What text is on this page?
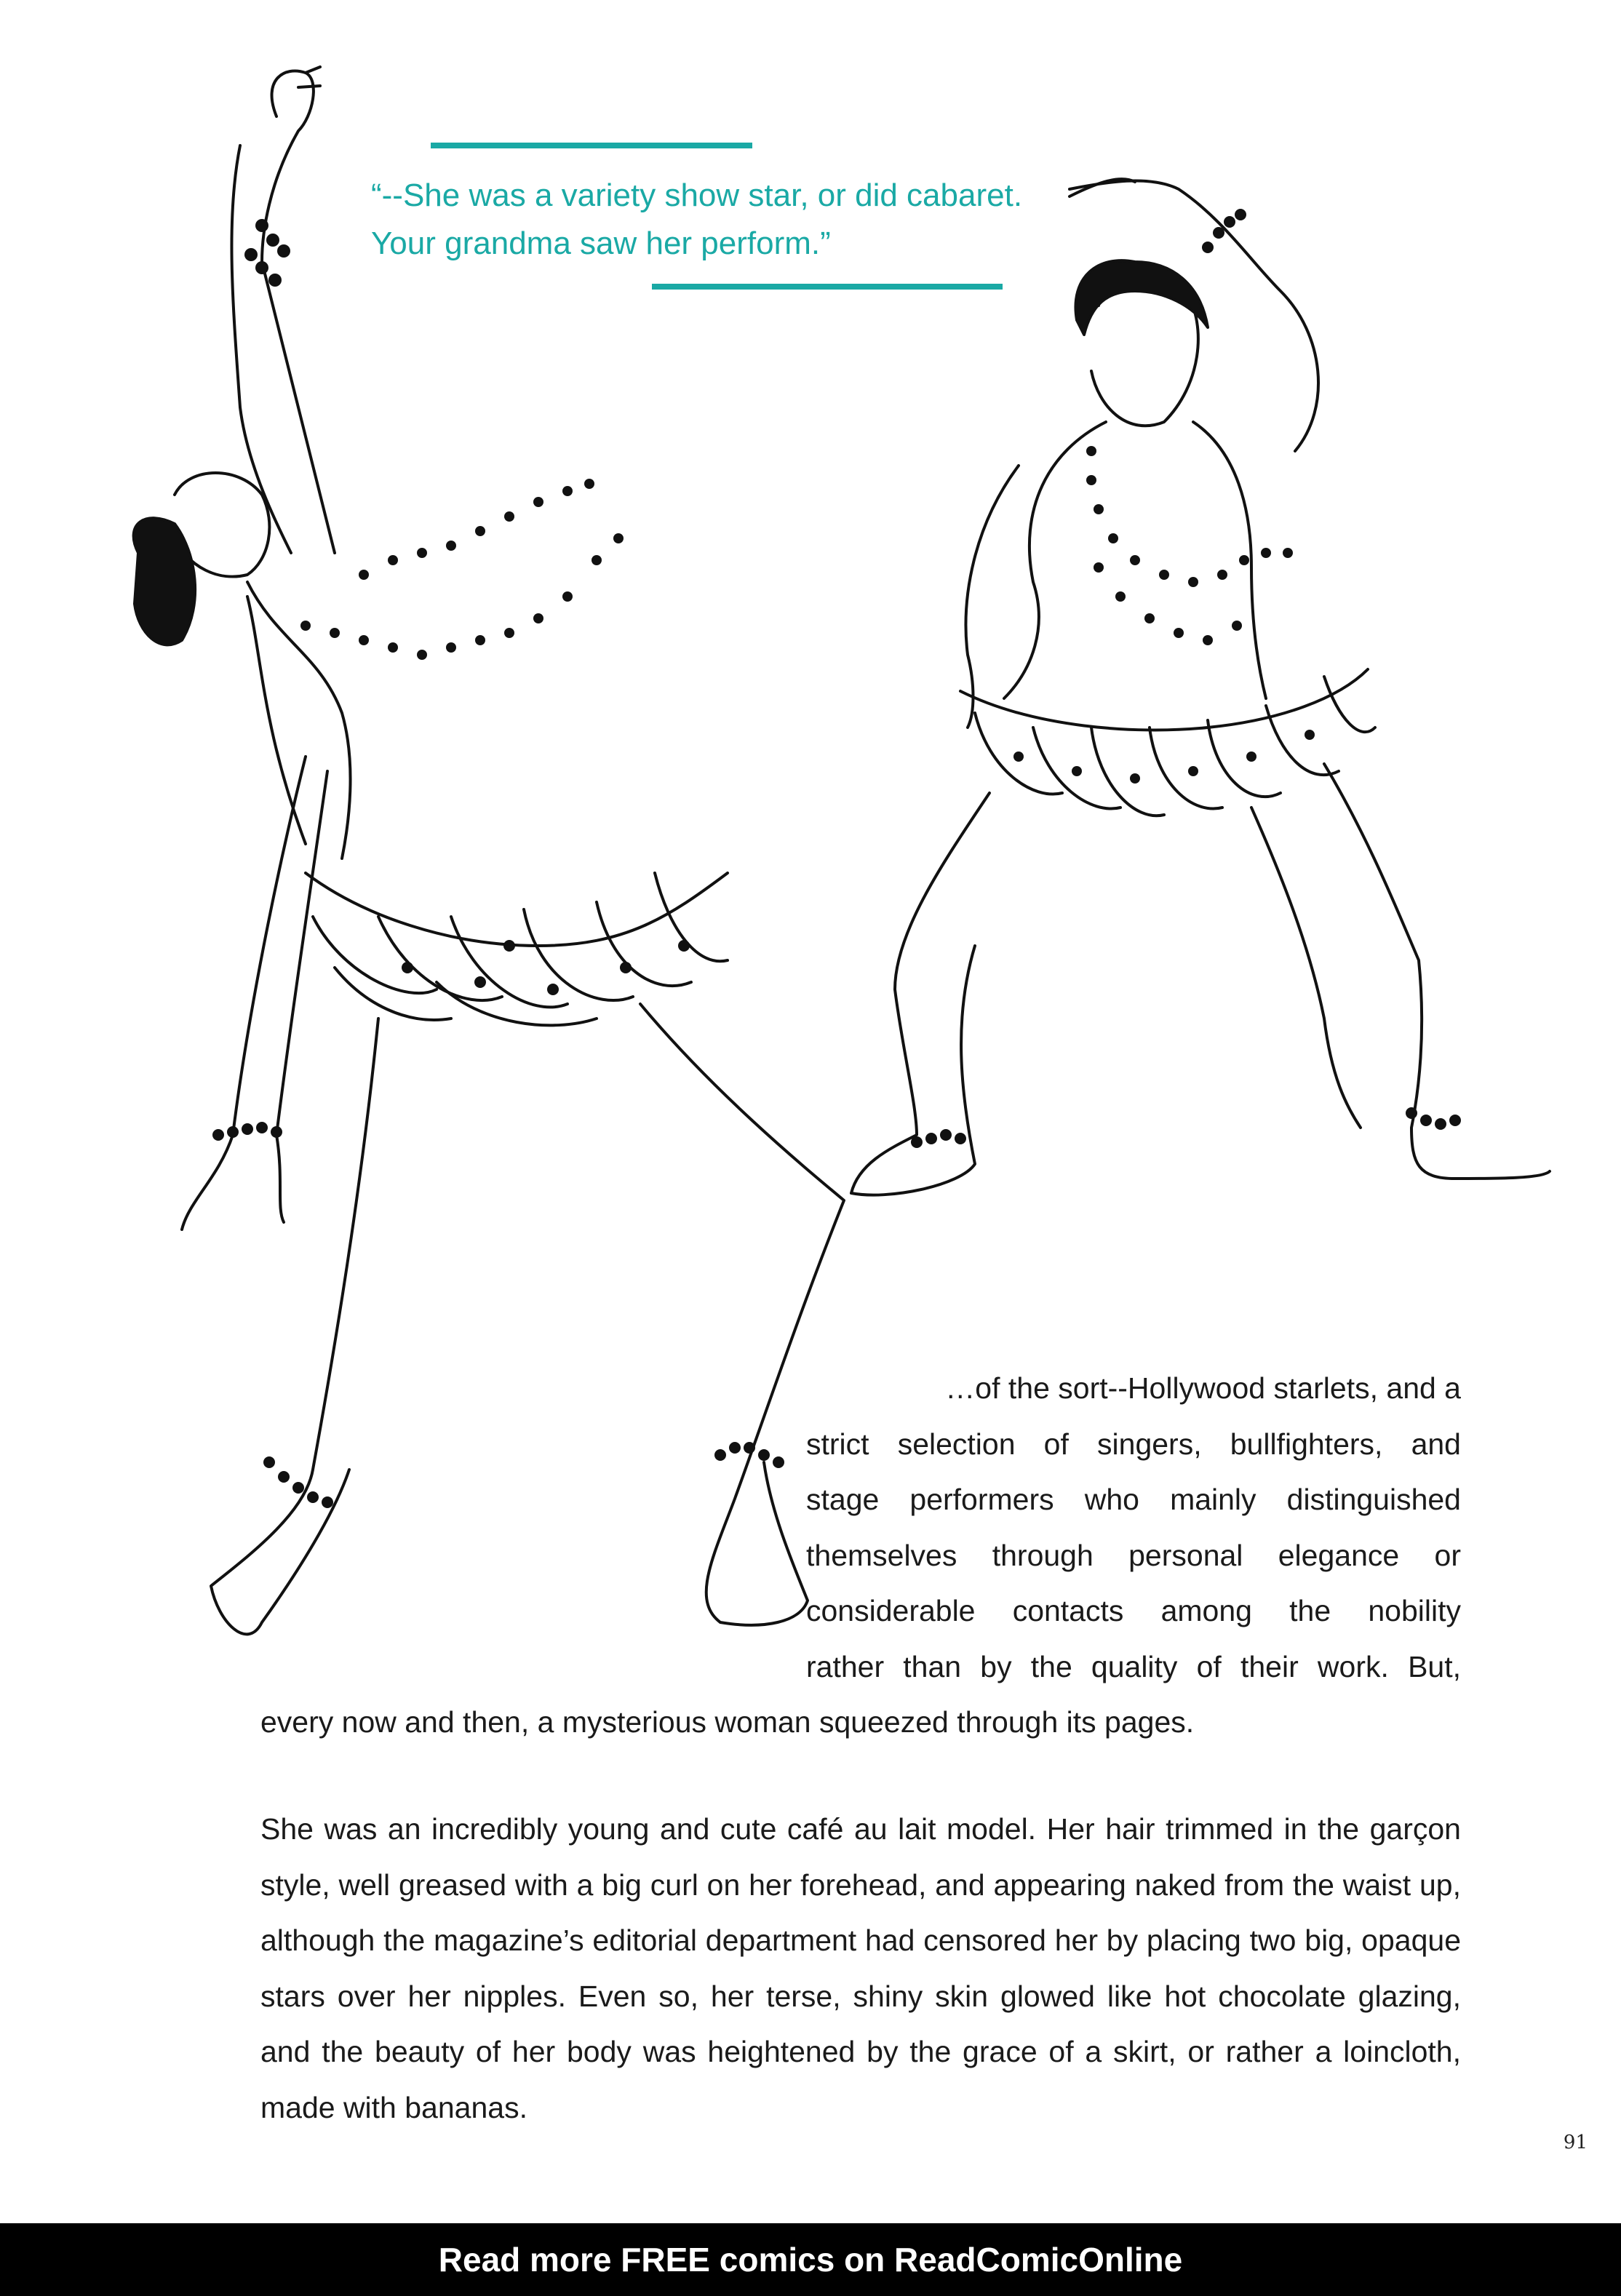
“--She was a variety show star, or did cabaret. Your grandma saw her perform.”

…of the sort--Hollywood starlets, and a
strict selection of singers, bullfighters, and
stage performers who mainly distinguished
themselves through personal elegance or
considerable contacts among the nobility
rather than by the quality of their work. But,

every now and then, a mysterious woman squeezed through its pages.

She was an incredibly young and cute café au lait model. Her hair trimmed in the garçon style, well greased with a big curl on her forehead, and appearing naked from the waist up, although the magazine’s editorial department had censored her by placing two big, opaque stars over her nipples. Even so, her terse, shiny skin glowed like hot chocolate glazing, and the beauty of her body was heightened by the grace of a skirt, or rather a loincloth, made with bananas.

91
Read more FREE comics on ReadComicOnline
